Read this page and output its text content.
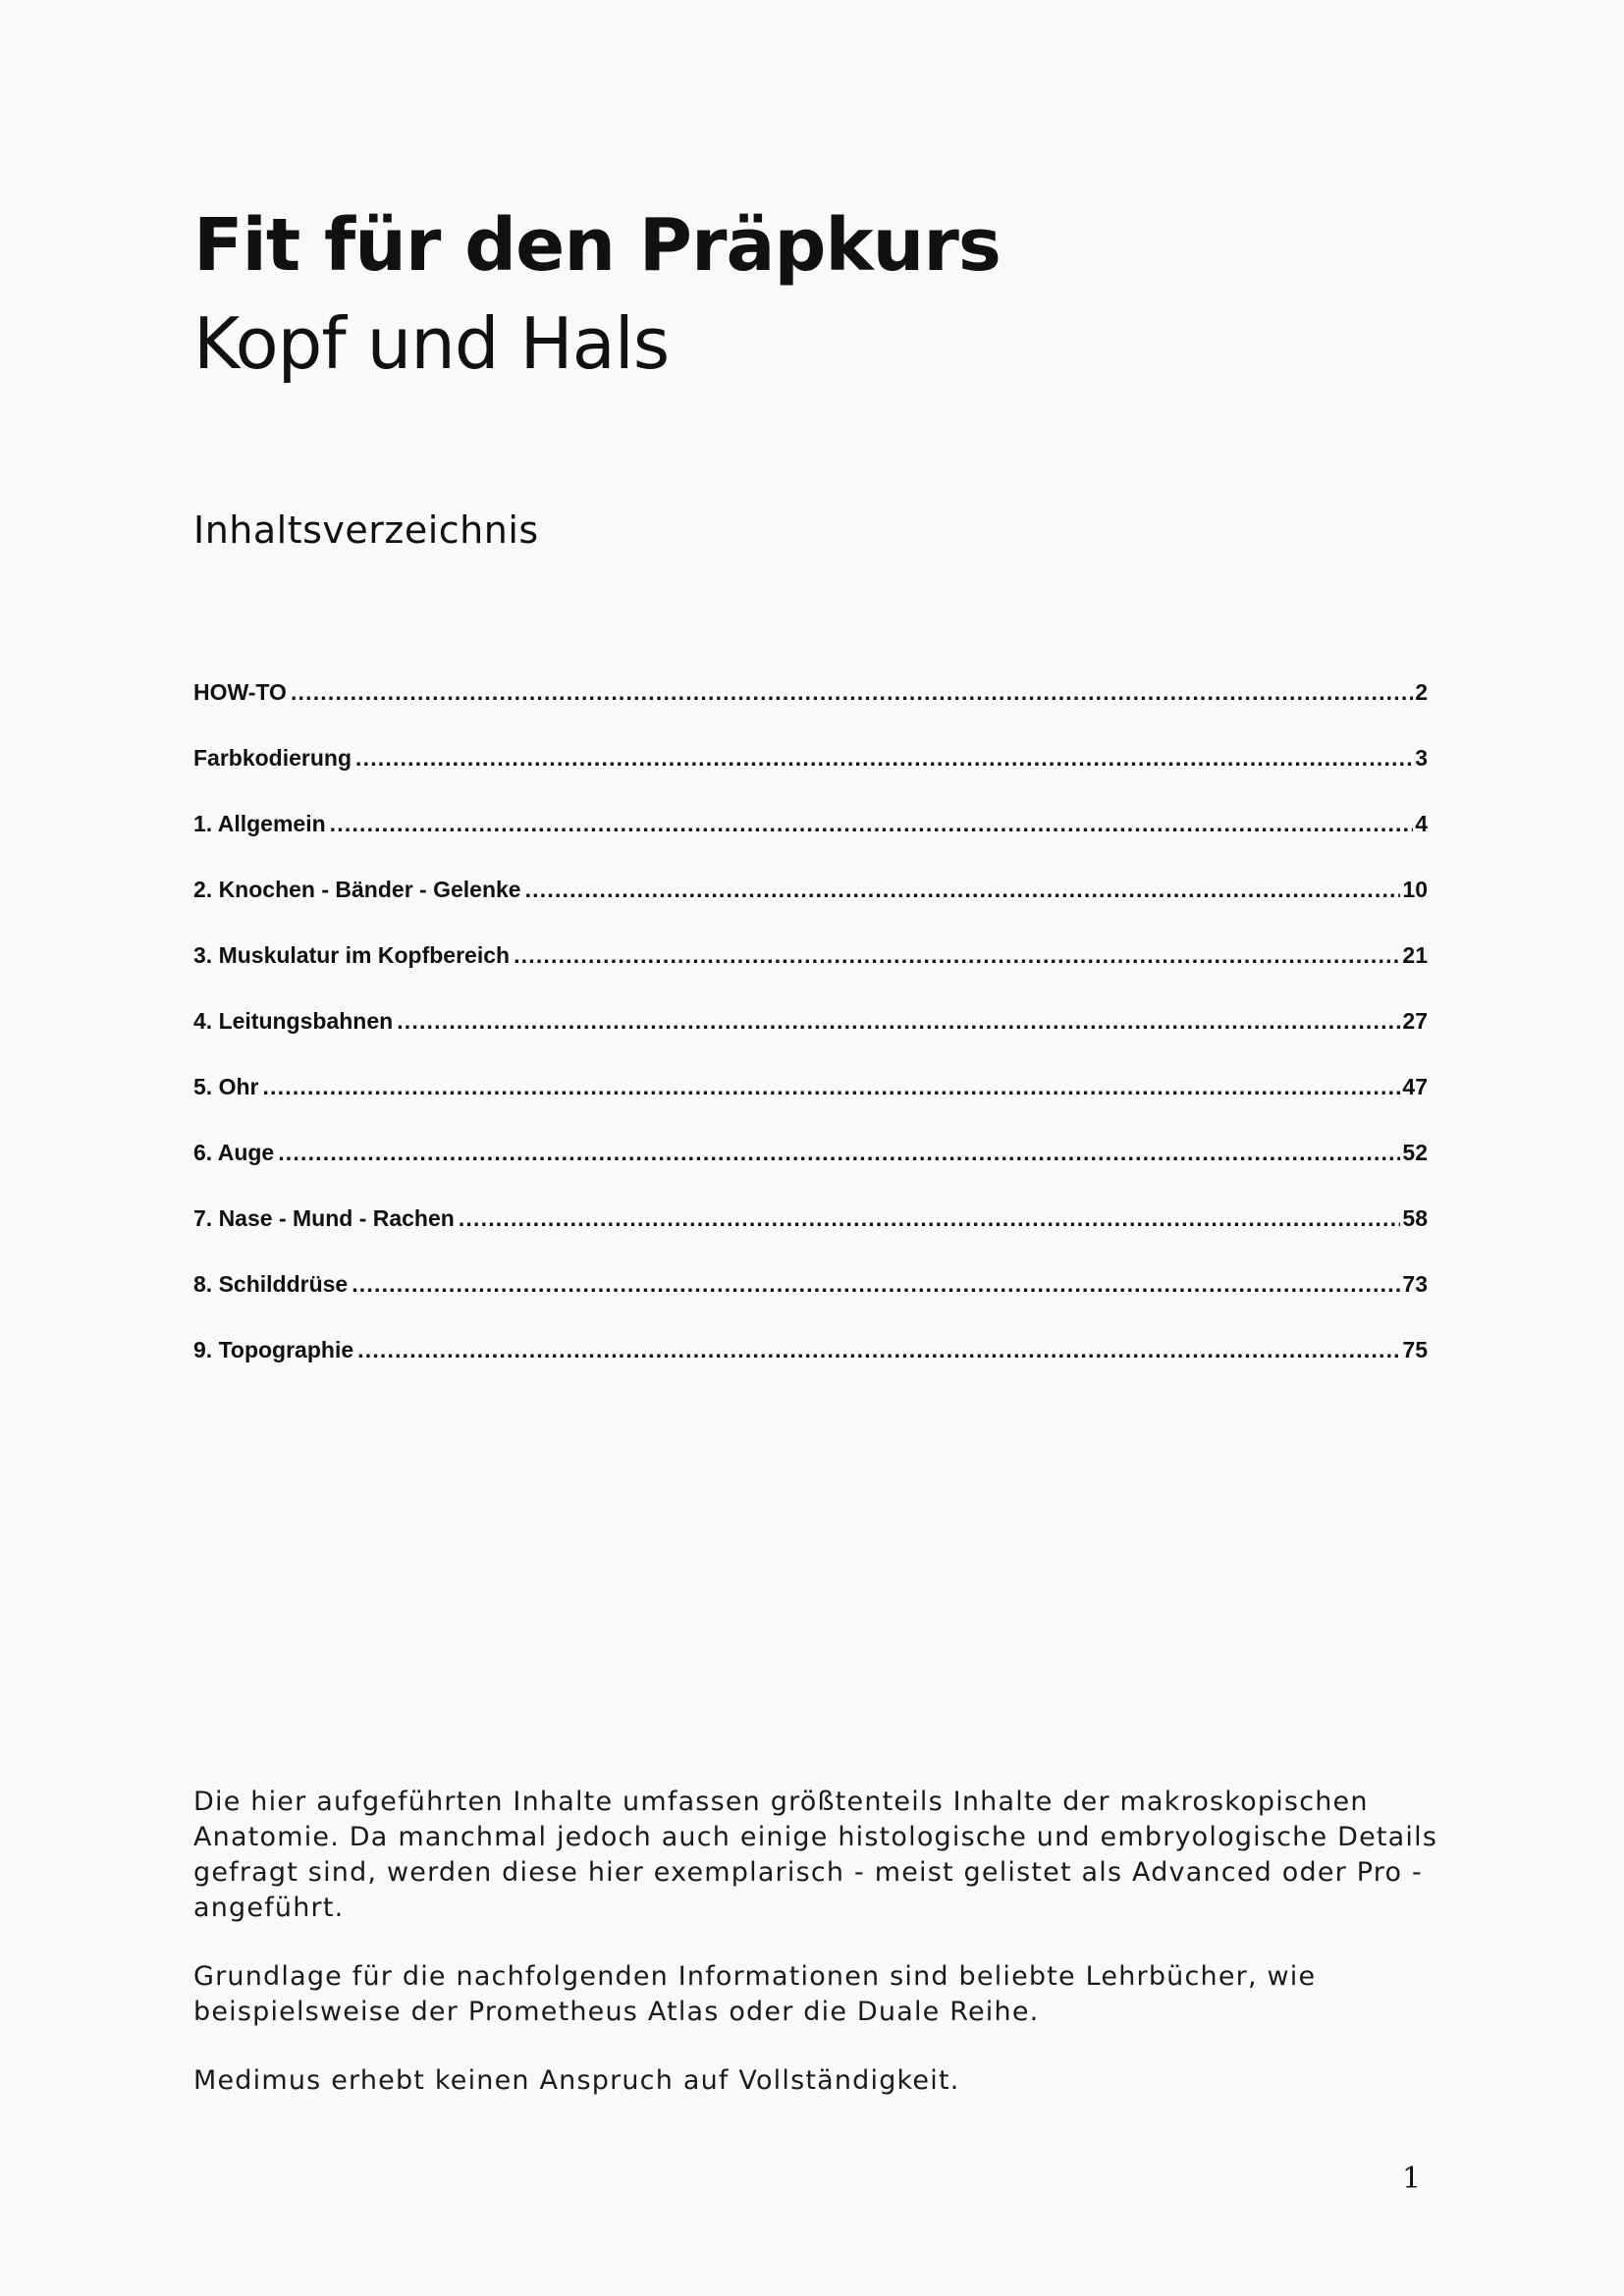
Fit für den Präpkurs
Kopf und Hals
Inhaltsverzeichnis
HOW-TO .....	2
Farbkodierung .....	3
1. Allgemein .....	4
2. Knochen - Bänder - Gelenke .....	10
3. Muskulatur im Kopfbereich .....	21
4. Leitungsbahnen .....	27
5. Ohr .....	47
6. Auge .....	52
7. Nase - Mund - Rachen .....	58
8. Schilddrüse .....	73
9. Topographie .....	75

Die hier aufgeführten Inhalte umfassen größtenteils Inhalte der makroskopischen Anatomie. Da manchmal jedoch auch einige histologische und embryologische Details gefragt sind, werden diese hier exemplarisch - meist gelistet als Advanced oder Pro - angeführt.

Grundlage für die nachfolgenden Informationen sind beliebte Lehrbücher, wie beispielsweise der Prometheus Atlas oder die Duale Reihe.

Medimus erhebt keinen Anspruch auf Vollständigkeit.

1
